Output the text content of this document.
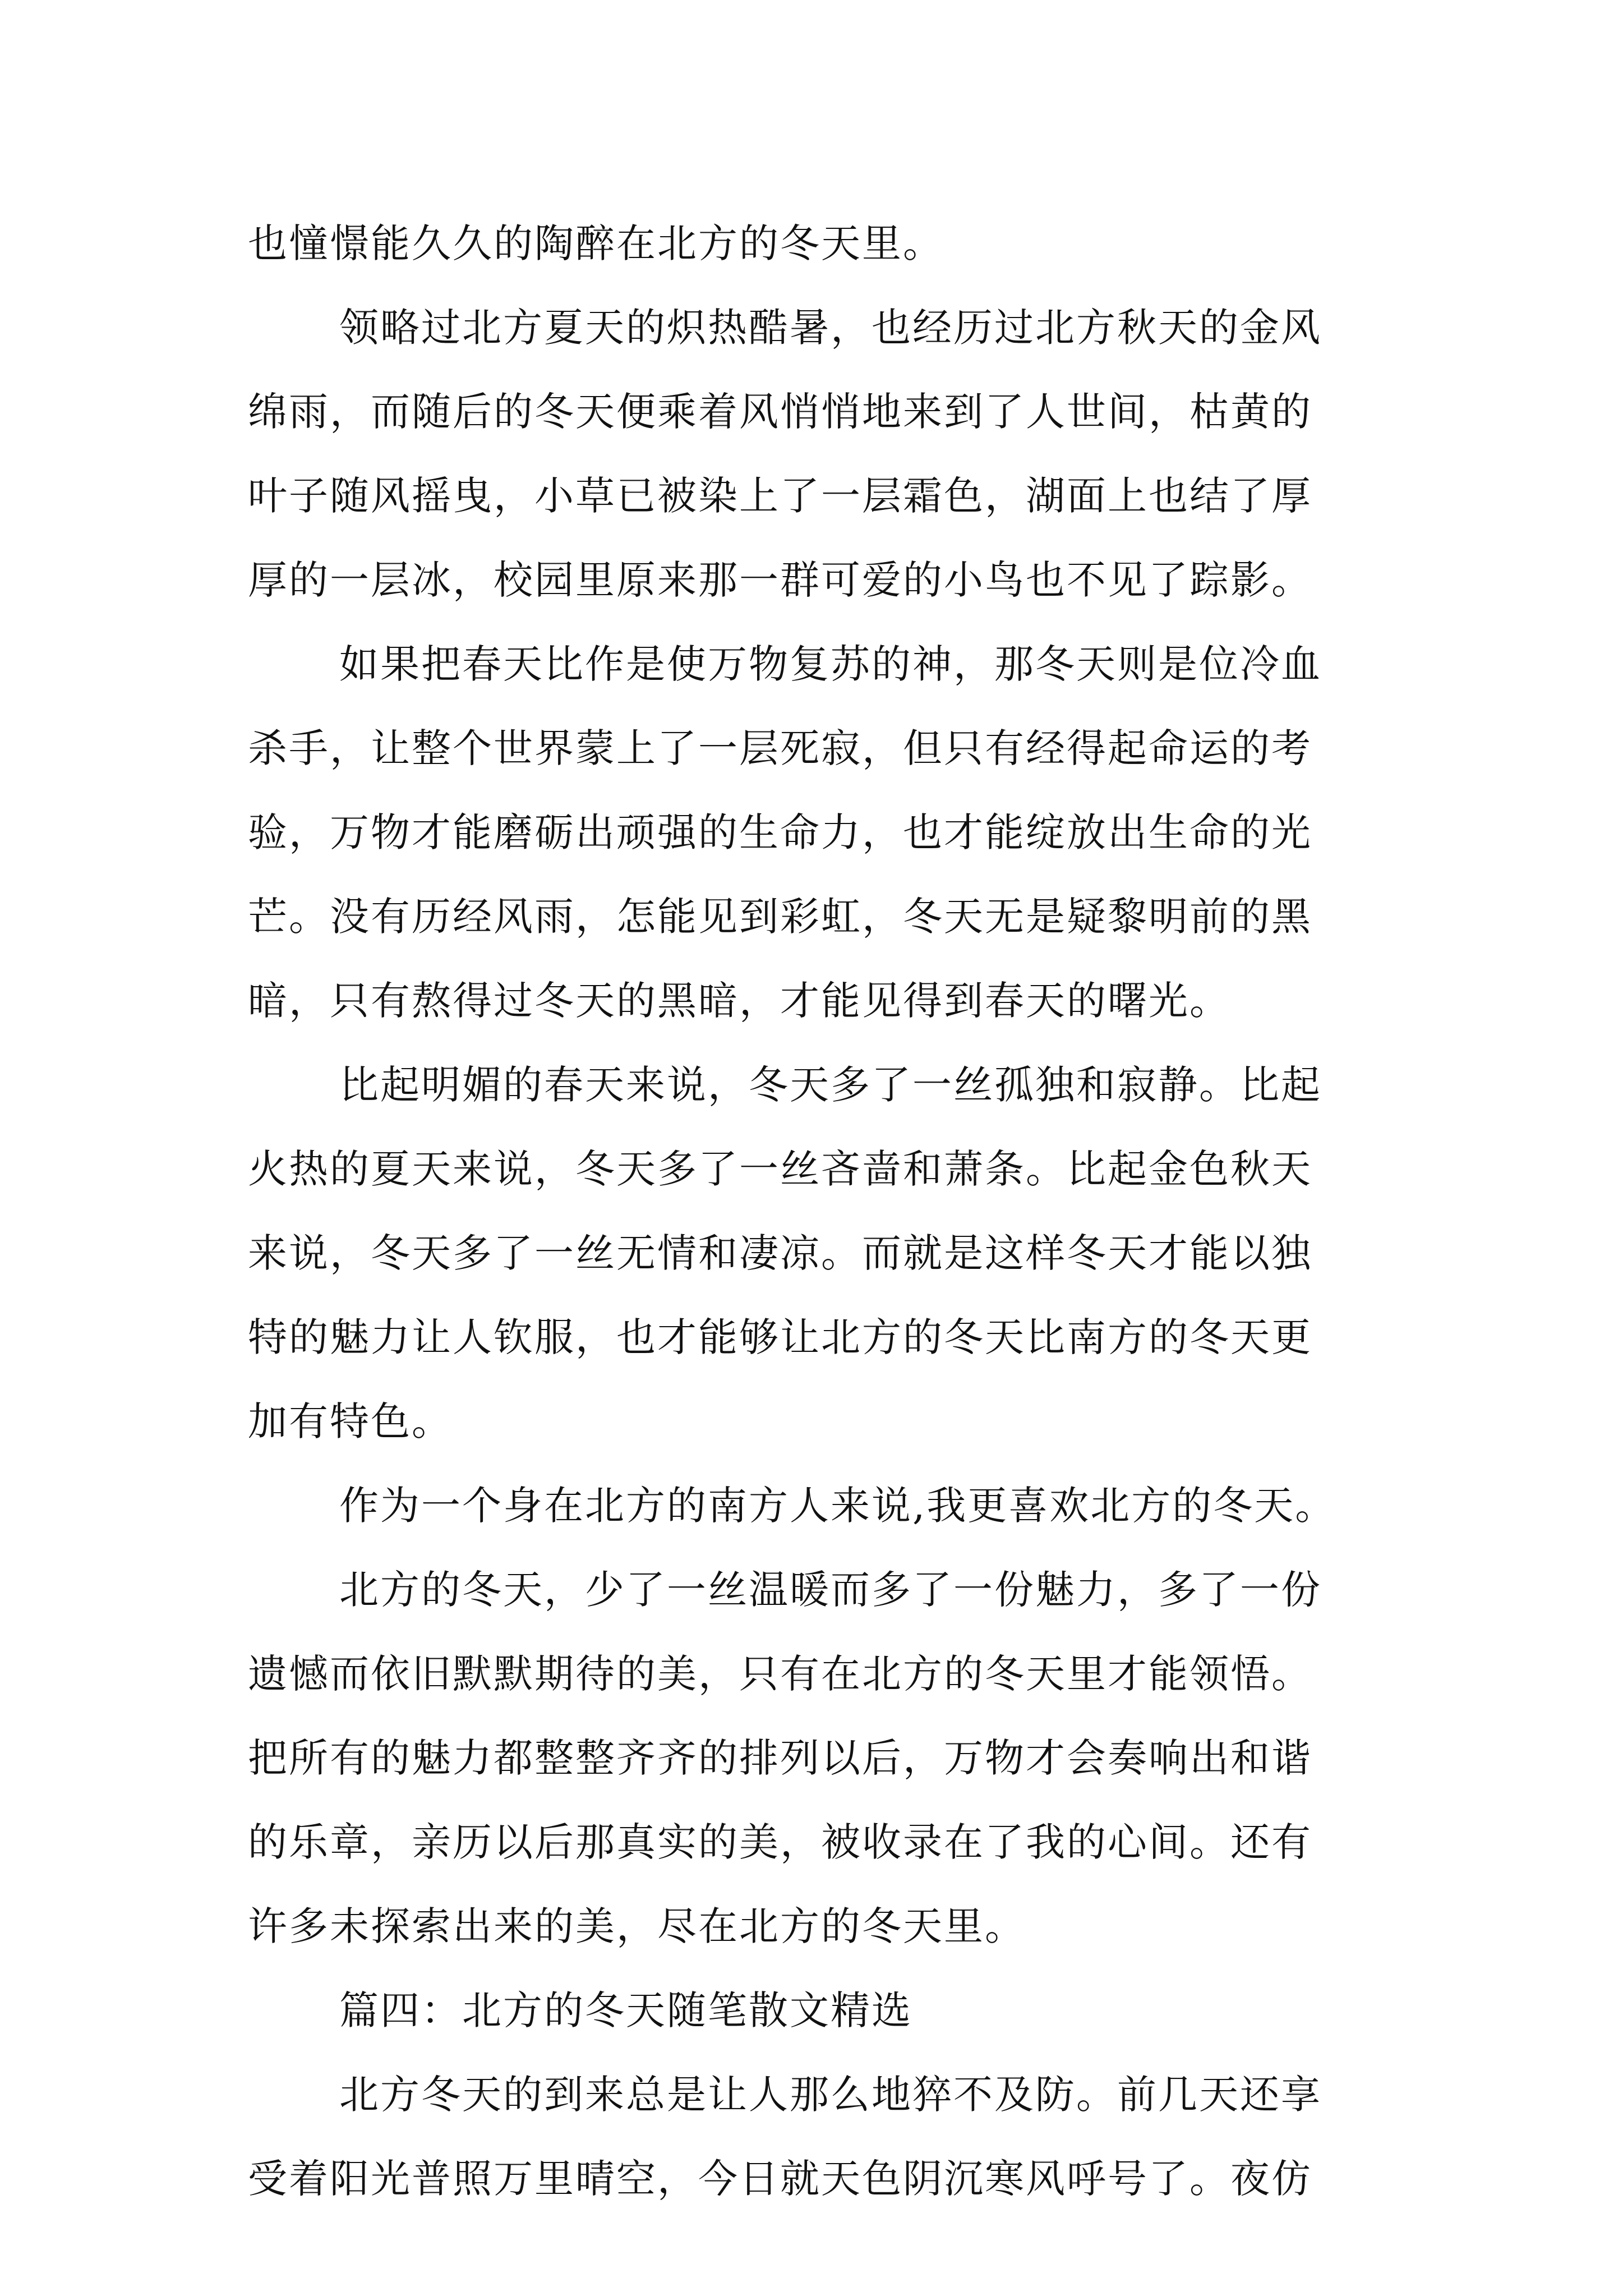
也憧憬能久久的陶醉在北方的冬天里。
领略过北方夏天的炽热酷暑，也经历过北方秋天的金风
绵雨，而随后的冬天便乘着风悄悄地来到了人世间，枯黄的
叶子随风摇曳，小草已被染上了一层霜色，湖面上也结了厚
厚的一层冰，校园里原来那一群可爱的小鸟也不见了踪影。
如果把春天比作是使万物复苏的神，那冬天则是位冷血
杀手，让整个世界蒙上了一层死寂，但只有经得起命运的考
验，万物才能磨砺出顽强的生命力，也才能绽放出生命的光
芒。没有历经风雨，怎能见到彩虹，冬天无是疑黎明前的黑
暗，只有熬得过冬天的黑暗，才能见得到春天的曙光。
比起明媚的春天来说，冬天多了一丝孤独和寂静。比起
火热的夏天来说，冬天多了一丝吝啬和萧条。比起金色秋天
来说，冬天多了一丝无情和凄凉。而就是这样冬天才能以独
特的魅力让人钦服，也才能够让北方的冬天比南方的冬天更
加有特色。
作为一个身在北方的南方人来说,我更喜欢北方的冬天。
北方的冬天，少了一丝温暖而多了一份魅力，多了一份
遗憾而依旧默默期待的美，只有在北方的冬天里才能领悟。
把所有的魅力都整整齐齐的排列以后，万物才会奏响出和谐
的乐章，亲历以后那真实的美，被收录在了我的心间。还有
许多未探索出来的美，尽在北方的冬天里。
篇四：北方的冬天随笔散文精选
北方冬天的到来总是让人那么地猝不及防。前几天还享
受着阳光普照万里晴空，今日就天色阴沉寒风呼号了。夜仿
